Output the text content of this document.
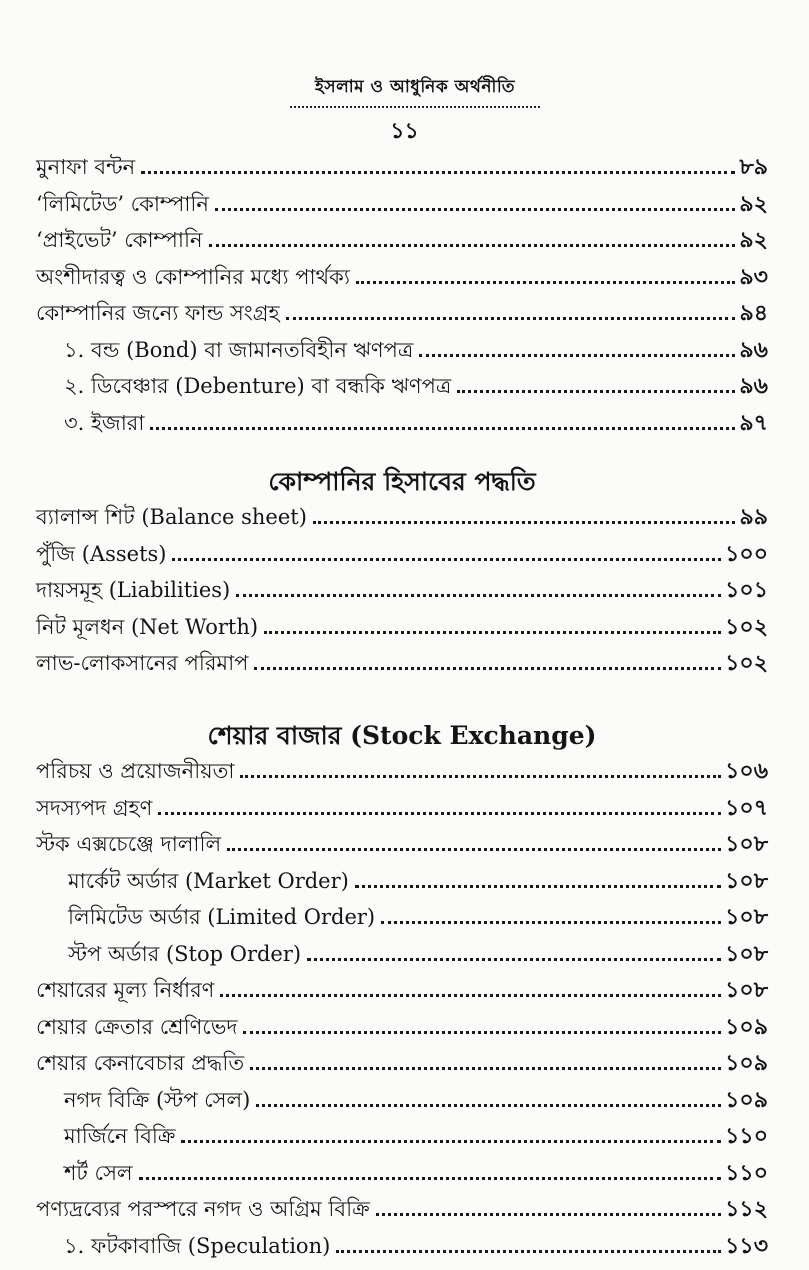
ইসলাম ও আধুনিক অর্থনীতি
১১
মুনাফা বন্টন	৮৯
‘লিমিটেড’ কোম্পানি	৯২
‘প্রাইভেট’ কোম্পানি	৯২
অংশীদারত্ব ও কোম্পানির মধ্যে পার্থক্য	৯৩
কোম্পানির জন্যে ফান্ড সংগ্রহ	৯৪
১. বন্ড (Bond) বা জামানতবিহীন ঋণপত্র	৯৬
২. ডিবেঞ্চার (Debenture) বা বন্ধকি ঋণপত্র	৯৬
৩. ইজারা	৯৭
কোম্পানির হিসাবের পদ্ধতি
ব্যালান্স শিট (Balance sheet)	৯৯
পুঁজি (Assets)	১০০
দায়সমূহ (Liabilities)	১০১
নিট মূলধন (Net Worth)	১০২
লাভ-লোকসানের পরিমাপ	১০২
শেয়ার বাজার (Stock Exchange)
পরিচয় ও প্রয়োজনীয়তা	১০৬
সদস্যপদ গ্রহণ	১০৭
স্টক এক্সচেঞ্জে দালালি	১০৮
মার্কেট অর্ডার (Market Order)	১০৮
লিমিটেড অর্ডার (Limited Order)	১০৮
স্টপ অর্ডার (Stop Order)	১০৮
শেয়ারের মূল্য নির্ধারণ	১০৮
শেয়ার ক্রেতার শ্রেণিভেদ	১০৯
শেয়ার কেনাবেচার প্রদ্ধতি	১০৯
নগদ বিক্রি (স্টপ সেল)	১০৯
মার্জিনে বিক্রি	১১০
শর্ট সেল	১১০
পণ্যদ্রব্যের পরস্পরে নগদ ও অগ্রিম বিক্রি	১১২
১. ফটকাবাজি (Speculation)	১১৩
